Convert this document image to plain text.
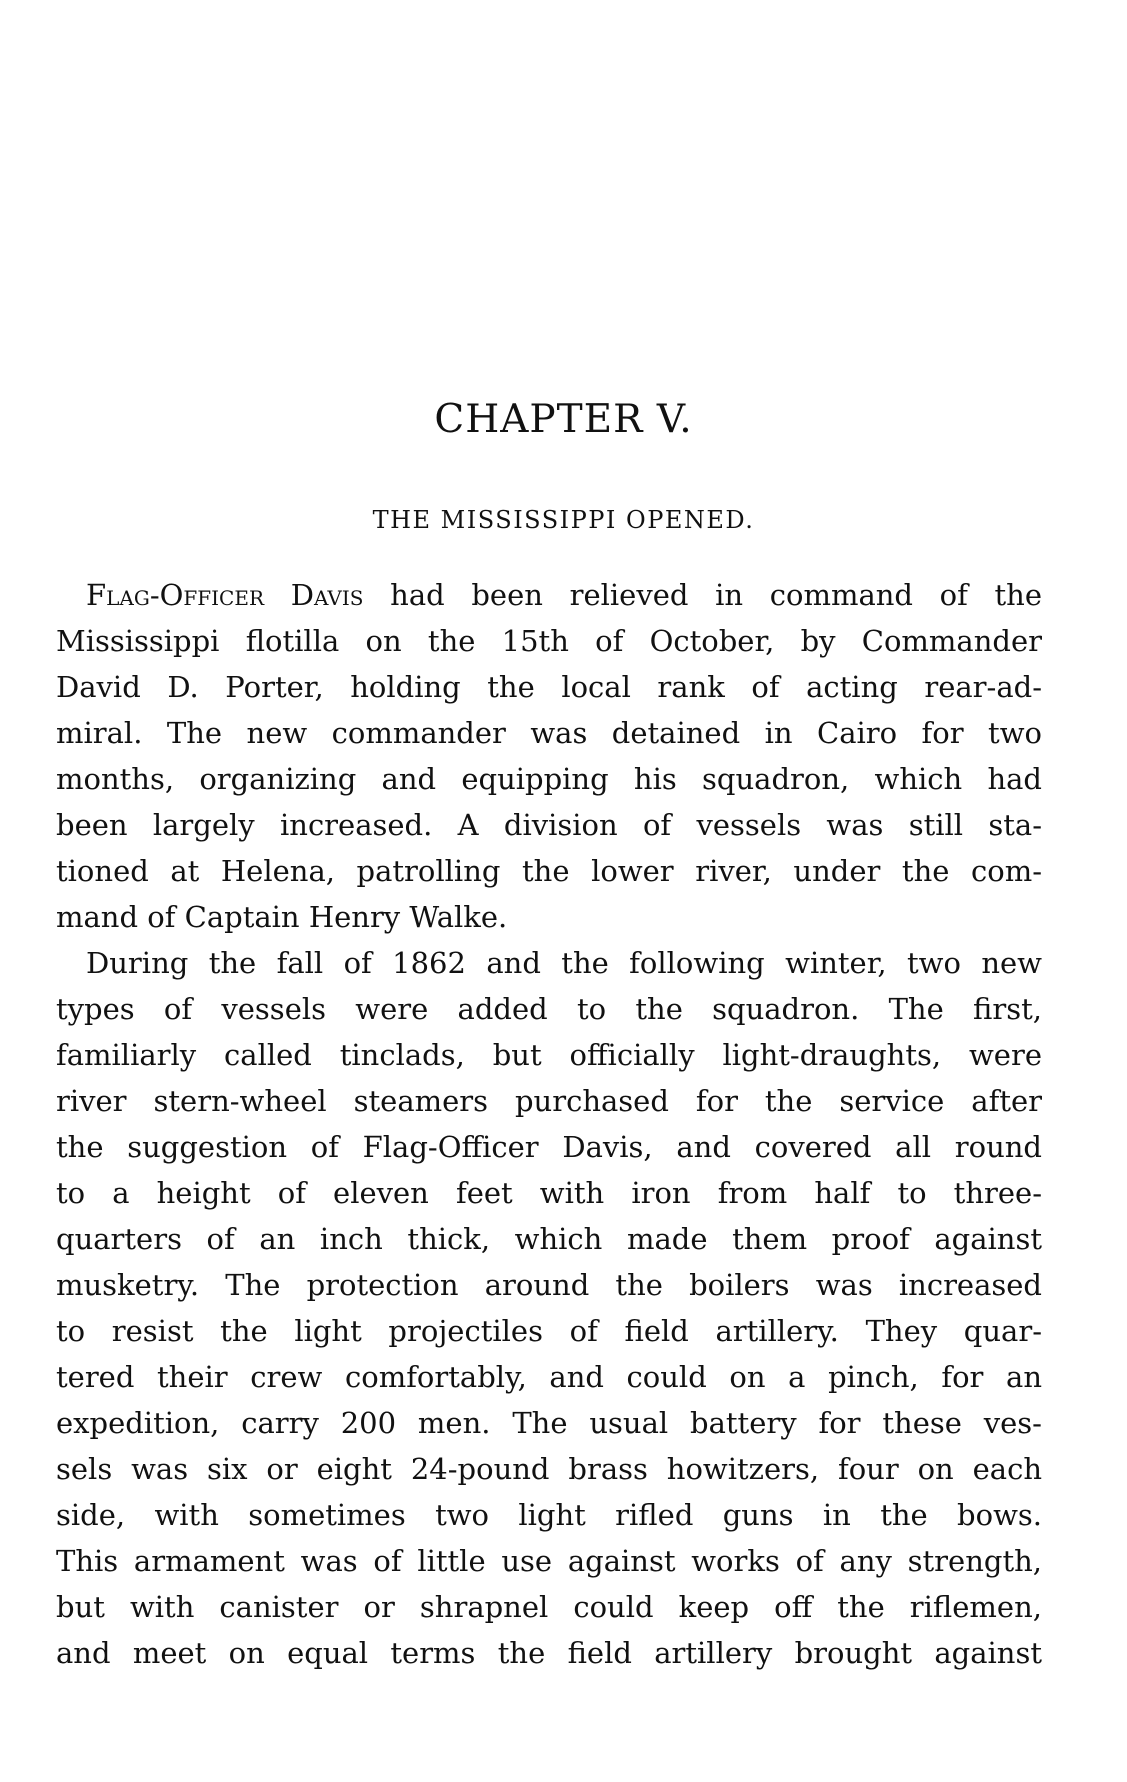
CHAPTER V.
THE MISSISSIPPI OPENED.
Flag-Officer Davis had been relieved in command of the
Mississippi flotilla on the 15th of October, by Commander
David D. Porter, holding the local rank of acting rear-ad-
miral. The new commander was detained in Cairo for two
months, organizing and equipping his squadron, which had
been largely increased. A division of vessels was still sta-
tioned at Helena, patrolling the lower river, under the com-
mand of Captain Henry Walke.
During the fall of 1862 and the following winter, two new
types of vessels were added to the squadron. The first,
familiarly called tinclads, but officially light-draughts, were
river stern-wheel steamers purchased for the service after
the suggestion of Flag-Officer Davis, and covered all round
to a height of eleven feet with iron from half to three-
quarters of an inch thick, which made them proof against
musketry. The protection around the boilers was increased
to resist the light projectiles of field artillery. They quar-
tered their crew comfortably, and could on a pinch, for an
expedition, carry 200 men. The usual battery for these ves-
sels was six or eight 24-pound brass howitzers, four on each
side, with sometimes two light rifled guns in the bows.
This armament was of little use against works of any strength,
but with canister or shrapnel could keep off the riflemen,
and meet on equal terms the field artillery brought against
